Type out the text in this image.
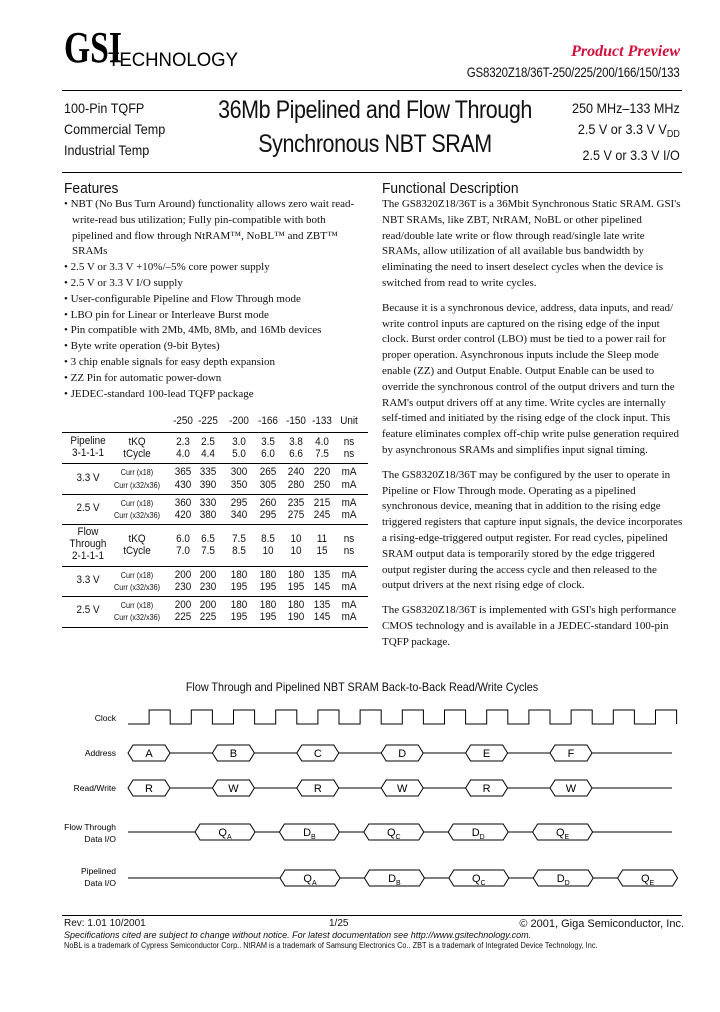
GSI
TECHNOLOGY	Product Preview
GS8320Z18/36T-250/225/200/166/150/133
100-Pin TQFP
Commercial Temp
Industrial Temp
36Mb Pipelined and Flow Through
Synchronous NBT SRAM
250 MHz–133 MHz
2.5 V or 3.3 V $V_{DD}$
2.5 V or 3.3 V I/O
Features
• NBT (No Bus Turn Around) functionality allows zero wait read-write-read bus utilization; Fully pin-compatible with both pipelined and flow through NtRAM™, NoBL™ and ZBT™ SRAMs
• 2.5 V or 3.3 V +10%/–5% core power supply
• 2.5 V or 3.3 V I/O supply
• User-configurable Pipeline and Flow Through mode
• LBO pin for Linear or Interleave Burst mode
• Pin compatible with 2Mb, 4Mb, 8Mb, and 16Mb devices
• Byte write operation (9-bit Bytes)
• 3 chip enable signals for easy depth expansion
• ZZ Pin for automatic power-down
• JEDEC-standard 100-lead TQFP package
Functional Description

The GS8320Z18/36T is a 36Mbit Synchronous Static SRAM. GSI's NBT SRAMs, like ZBT, NtRAM, NoBL or other pipelined read/double late write or flow through read/single late write SRAMs, allow utilization of all available bus bandwidth by eliminating the need to insert deselect cycles when the device is switched from read to write cycles.

Because it is a synchronous device, address, data inputs, and read/ write control inputs are captured on the rising edge of the input clock. Burst order control (LBO) must be tied to a power rail for proper operation. Asynchronous inputs include the Sleep mode enable (ZZ) and Output Enable. Output Enable can be used to override the synchronous control of the output drivers and turn the RAM's output drivers off at any time. Write cycles are internally self-timed and initiated by the rising edge of the clock input. This feature eliminates complex off-chip write pulse generation required by asynchronous SRAMs and simplifies input signal timing.

The GS8320Z18/36T may be configured by the user to operate in Pipeline or Flow Through mode. Operating as a pipelined synchronous device, meaning that in addition to the rising edge triggered registers that capture input signals, the device incorporates a rising-edge-triggered output register. For read cycles, pipelined SRAM output data is temporarily stored by the edge triggered output register during the access cycle and then released to the output drivers at the next rising edge of clock.

The GS8320Z18/36T is implemented with GSI's high performance CMOS technology and is available in a JEDEC-standard 100-pin TQFP package.

-250 -225	-200 -166 -150 -133 Unit
Pipeline
3-1-1-1
tKQ	2.3	2.5	3.0	3.5	3.8	4.0	ns
tCycle	4.0	4.4	5.0	6.0	6.6	7.5	ns
3.3 V	Curr (x18)	365 335	300	265	240 220	mA
Curr (x32/x36)	430 390	350	305	280 250	mA
2.5 V	Curr (x18)	360 330	295	260	235 215	mA
Curr (x32/x36)	420 380	340	295	275 245	mA
Flow
Through
2-1-1-1
tKQ	6.0	6.5	7.5	8.5	10	11	ns
tCycle	7.0	7.5	8.5	10	10	15	ns
3.3 V	Curr (x18)	200 200	180	180	180 135	mA
Curr (x32/x36)	230 230	195	195	195 145	mA
2.5 V	Curr (x18)	200 200	180	180	180 135	mA
Curr (x32/x36)	225 225	195	195	190 145	mA
Flow Through and Pipelined NBT SRAM Back-to-Back Read/Write Cycles
Clock
Address
Read/Write
Flow Through
Data I/O
Pipelined
Data I/O
A	B	C	D	E	F
R	W	R	W	R	W
$Q_A$	$D_B$	$Q_C$	$D_D$	$Q_E$
$Q_A$	$D_B$	$Q_C$	$D_D$	$Q_E$
Rev: 1.01 10/2001	1/25	© 2001, Giga Semiconductor, Inc.
Specifications cited are subject to change without notice. For latest documentation see http://www.gsitechnology.com.
NoBL is a trademark of Cypress Semiconductor Corp.. NtRAM is a trademark of Samsung Electronics Co.. ZBT is a trademark of Integrated Device Technology, Inc.
